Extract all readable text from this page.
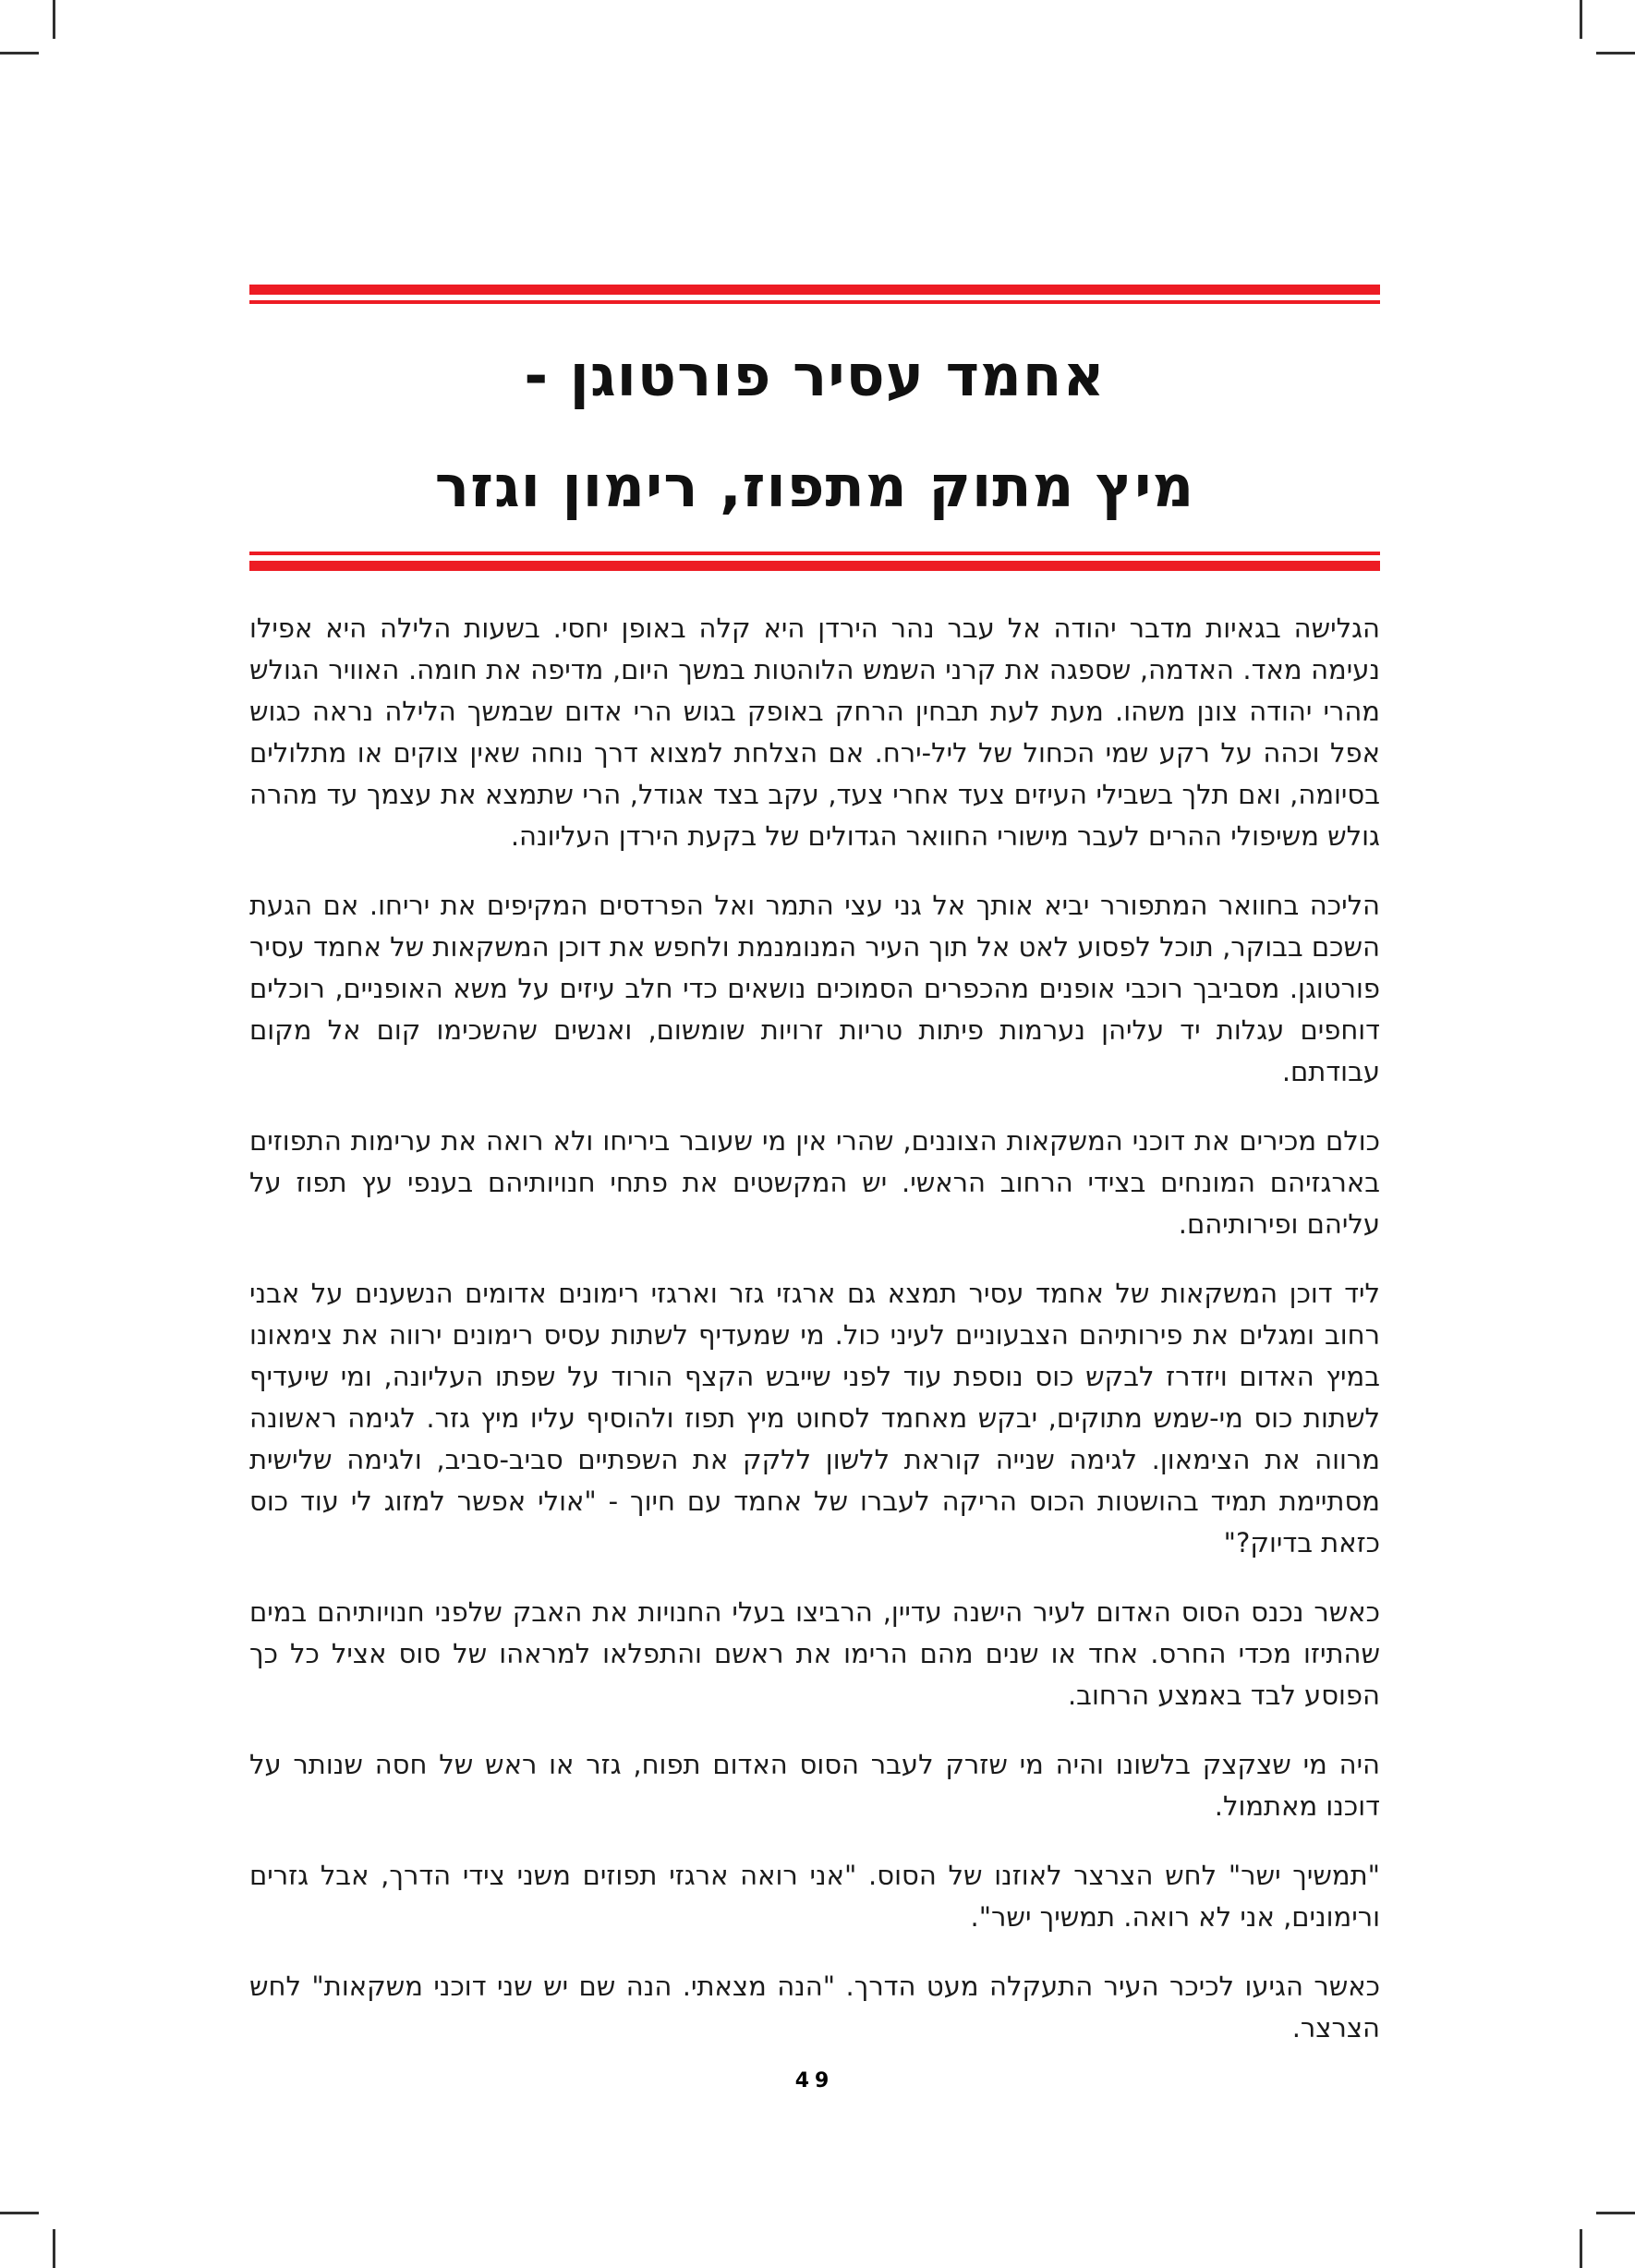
אחמד עסיר פורטוגן -
מיץ מתוק מתפוז, רימון וגזר

הגלישה בגאיות מדבר יהודה אל עבר נהר הירדן היא קלה באופן יחסי. בשעות הלילה היא אפילו נעימה מאד. האדמה, שספגה את קרני השמש הלוהטות במשך היום, מדיפה את חומה. האוויר הגולש מהרי יהודה צונן משהו. מעת לעת תבחין הרחק באופק בגוש הרי אדום שבמשך הלילה נראה כגוש אפל וכהה על רקע שמי הכחול של ליל-ירח. אם הצלחת למצוא דרך נוחה שאין צוקים או מתלולים בסיומה, ואם תלך בשבילי העיזים צעד אחרי צעד, עקב בצד אגודל, הרי שתמצא את עצמך עד מהרה גולש משיפולי ההרים לעבר מישורי החוואר הגדולים של בקעת הירדן העליונה.

הליכה בחוואר המתפורר יביא אותך אל גני עצי התמר ואל הפרדסים המקיפים את יריחו. אם הגעת השכם בבוקר, תוכל לפסוע לאט אל תוך העיר המנומנמת ולחפש את דוכן המשקאות של אחמד עסיר פורטוגן. מסביבך רוכבי אופנים מהכפרים הסמוכים נושאים כדי חלב עיזים על משא האופניים, רוכלים דוחפים עגלות יד עליהן נערמות פיתות טריות זרויות שומשום, ואנשים שהשכימו קום אל מקום עבודתם.

כולם מכירים את דוכני המשקאות הצוננים, שהרי אין מי שעובר ביריחו ולא רואה את ערימות התפוזים בארגזיהם המונחים בצידי הרחוב הראשי. יש המקשטים את פתחי חנויותיהם בענפי עץ תפוז על עליהם ופירותיהם.

ליד דוכן המשקאות של אחמד עסיר תמצא גם ארגזי גזר וארגזי רימונים אדומים הנשענים על אבני רחוב ומגלים את פירותיהם הצבעוניים לעיני כול. מי שמעדיף לשתות עסיס רימונים ירווה את צימאונו במיץ האדום ויזדרז לבקש כוס נוספת עוד לפני שייבש הקצף הורוד על שפתו העליונה, ומי שיעדיף לשתות כוס מי-שמש מתוקים, יבקש מאחמד לסחוט מיץ תפוז ולהוסיף עליו מיץ גזר. לגימה ראשונה מרווה את הצימאון. לגימה שנייה קוראת ללשון ללקק את השפתיים סביב-סביב, ולגימה שלישית מסתיימת תמיד בהושטות הכוס הריקה לעברו של אחמד עם חיוך - "אולי אפשר למזוג לי עוד כוס כזאת בדיוק?"

כאשר נכנס הסוס האדום לעיר הישנה עדיין, הרביצו בעלי החנויות את האבק שלפני חנויותיהם במים שהתיזו מכדי החרס. אחד או שנים מהם הרימו את ראשם והתפלאו למראהו של סוס אציל כל כך הפוסע לבד באמצע הרחוב.

היה מי שצקצק בלשונו והיה מי שזרק לעבר הסוס האדום תפוח, גזר או ראש של חסה שנותר על דוכנו מאתמול.

"תמשיך ישר" לחש הצרצר לאוזנו של הסוס. "אני רואה ארגזי תפוזים משני צידי הדרך, אבל גזרים ורימונים, אני לא רואה. תמשיך ישר".

כאשר הגיעו לכיכר העיר התעקלה מעט הדרך. "הנה מצאתי. הנה שם יש שני דוכני משקאות" לחש הצרצר.

49
